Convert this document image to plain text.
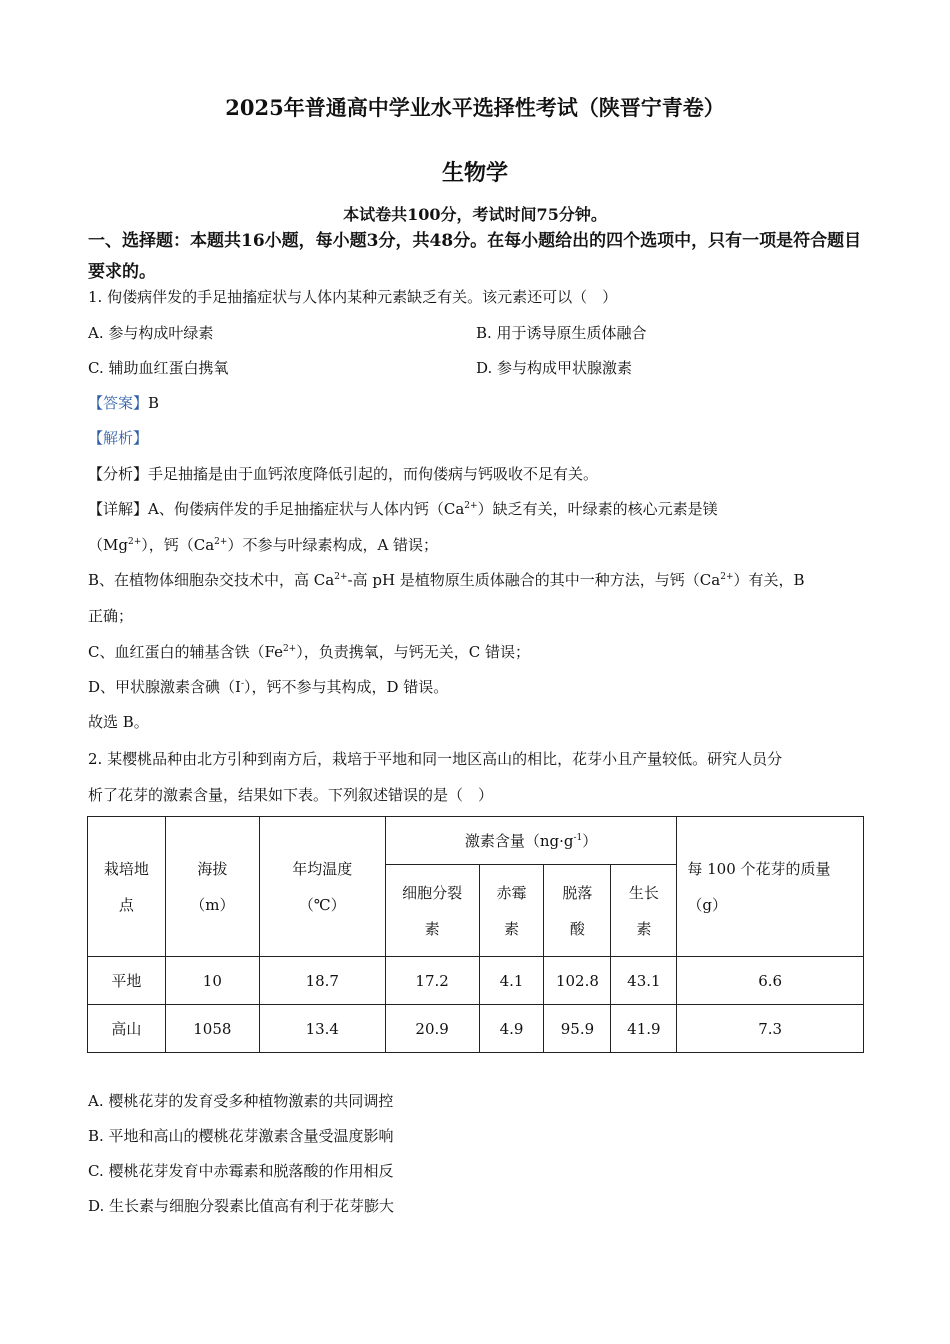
2025年普通高中学业水平选择性考试（陕晋宁青卷）
生物学
本试卷共100分，考试时间75分钟。
一、选择题：本题共16小题，每小题3分，共48分。在每小题给出的四个选项中，只有一项是符合题目要求的。
1. 佝偻病伴发的手足抽搐症状与人体内某种元素缺乏有关。该元素还可以（　）
A. 参与构成叶绿素	B. 用于诱导原生质体融合
C. 辅助血红蛋白携氧	D. 参与构成甲状腺激素
【答案】B
【解析】
【分析】手足抽搐是由于血钙浓度降低引起的，而佝偻病与钙吸收不足有关。
【详解】A、佝偻病伴发的手足抽搐症状与人体内钙$(Ca^{2+})$缺乏有关，叶绿素的核心元素是镁
$(Mg^{2+})$，钙$(Ca^{2+})$不参与叶绿素构成，A 错误；
B、在植物体细胞杂交技术中，高 $Ca^{2+}-$高 pH 是植物原生质体融合的其中一种方法，与钙$(Ca^{2+})$有关，B
正确；
C、血红蛋白的辅基含铁$(Fe^{2+})$，负责携氧，与钙无关，C 错误；
D、甲状腺激素含碘（I-），钙不参与其构成，D 错误。
故选 B。
2. 某樱桃品种由北方引种到南方后，栽培于平地和同一地区高山的相比，花芽小且产量较低。研究人员分
析了花芽的激素含量，结果如下表。下列叙述错误的是（　）
栽培地点	海拔（m）	年均温度（℃）	激素含量$(ng\cdot g^{-1})$				每 100 个花芽的质量（g）
			细胞分裂素	赤霉素	脱落酸	生长素	
平地	10	18.7	17.2	4.1	102.8	43.1	6.6
高山	1058	13.4	20.9	4.9	95.9	41.9	7.3
A. 樱桃花芽的发育受多种植物激素的共同调控
B. 平地和高山的樱桃花芽激素含量受温度影响
C. 樱桃花芽发育中赤霉素和脱落酸的作用相反
D. 生长素与细胞分裂素比值高有利于花芽膨大
